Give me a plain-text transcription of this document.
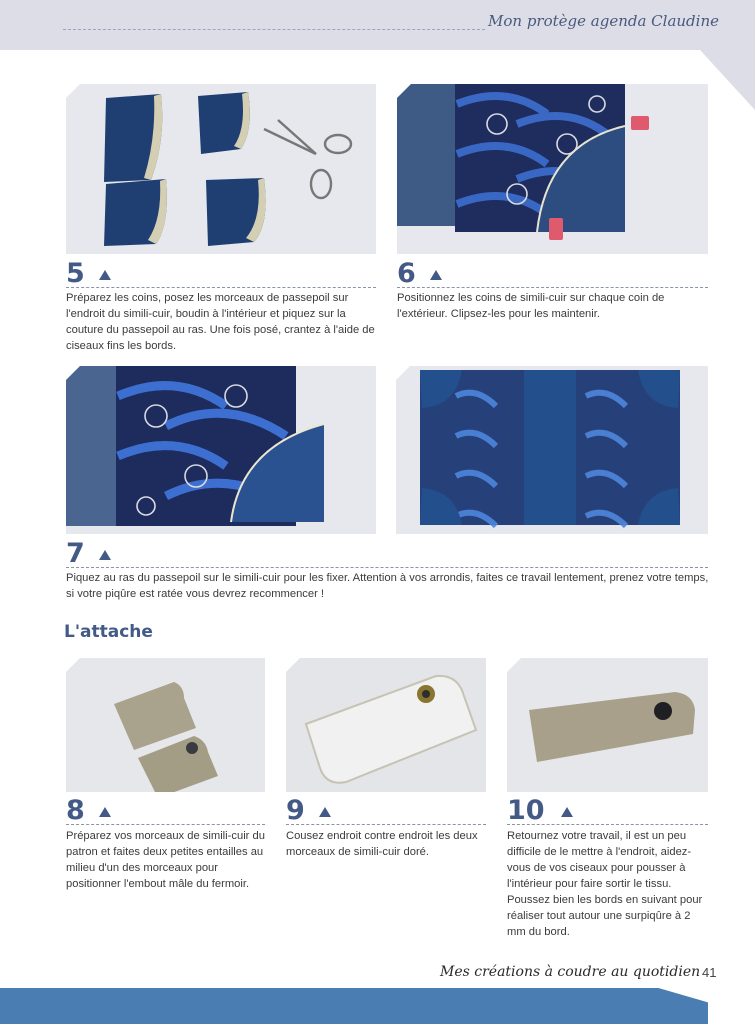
Mon protège agenda Claudine
5
Préparez les coins, posez les morceaux de passepoil sur l'endroit du simili-cuir, boudin à l'intérieur et piquez sur la couture du passepoil au ras. Une fois posé, crantez à l'aide de ciseaux fins les bords.
6
Positionnez les coins de simili-cuir sur chaque coin de l'extérieur. Clipsez-les pour les maintenir.
7
Piquez au ras du passepoil sur le simili-cuir pour les fixer. Attention à vos arrondis, faites ce travail lentement, prenez votre temps, si votre piqûre est ratée vous devrez recommencer !
L'attache
8
Préparez vos morceaux de simili-cuir du patron et faites deux petites entailles au milieu d'un des morceaux pour positionner l'embout mâle du fermoir.
9
Cousez endroit contre endroit les deux morceaux de simili-cuir doré.
10
Retournez votre travail, il est un peu difficile de le mettre à l'endroit, aidez-vous de vos ciseaux pour pousser à l'intérieur pour faire sortir le tissu. Poussez bien les bords en suivant pour réaliser tout autour une surpiqûre à 2 mm du bord.
Mes créations à coudre au quotidien 41
